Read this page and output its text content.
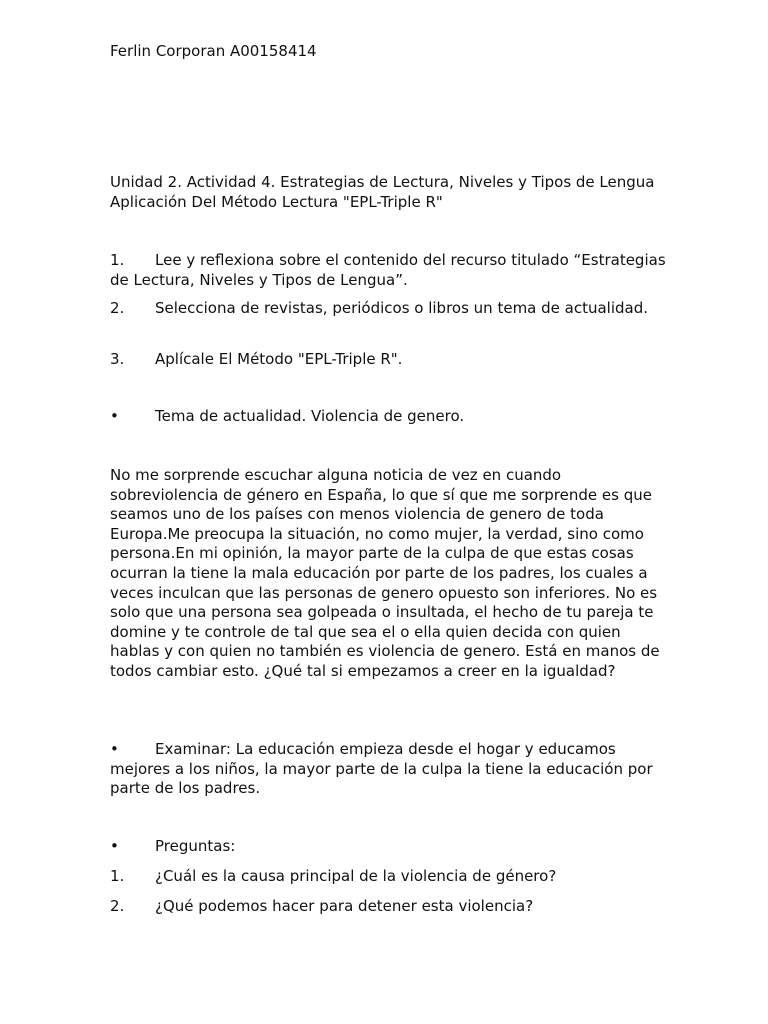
Ferlin Corporan A00158414

Unidad 2. Actividad 4. Estrategias de Lectura, Niveles y Tipos de Lengua Aplicación Del Método Lectura "EPL-Triple R"

1. Lee y reflexiona sobre el contenido del recurso titulado “Estrategias de Lectura, Niveles y Tipos de Lengua”.
2. Selecciona de revistas, periódicos o libros un tema de actualidad.
3. Aplícale El Método "EPL-Triple R".
• Tema de actualidad. Violencia de genero.

No me sorprende escuchar alguna noticia de vez en cuando sobreviolencia de género en España, lo que sí que me sorprende es que seamos uno de los países con menos violencia de genero de toda Europa.Me preocupa la situación, no como mujer, la verdad, sino como persona.En mi opinión, la mayor parte de la culpa de que estas cosas ocurran la tiene la mala educación por parte de los padres, los cuales a veces inculcan que las personas de genero opuesto son inferiores. No es solo que una persona sea golpeada o insultada, el hecho de tu pareja te domine y te controle de tal que sea el o ella quien decida con quien hablas y con quien no también es violencia de genero. Está en manos de todos cambiar esto. ¿Qué tal si empezamos a creer en la igualdad?

• Examinar: La educación empieza desde el hogar y educamos mejores a los niños, la mayor parte de la culpa la tiene la educación por parte de los padres.
• Preguntas:
1. ¿Cuál es la causa principal de la violencia de género?
2. ¿Qué podemos hacer para detener esta violencia?
